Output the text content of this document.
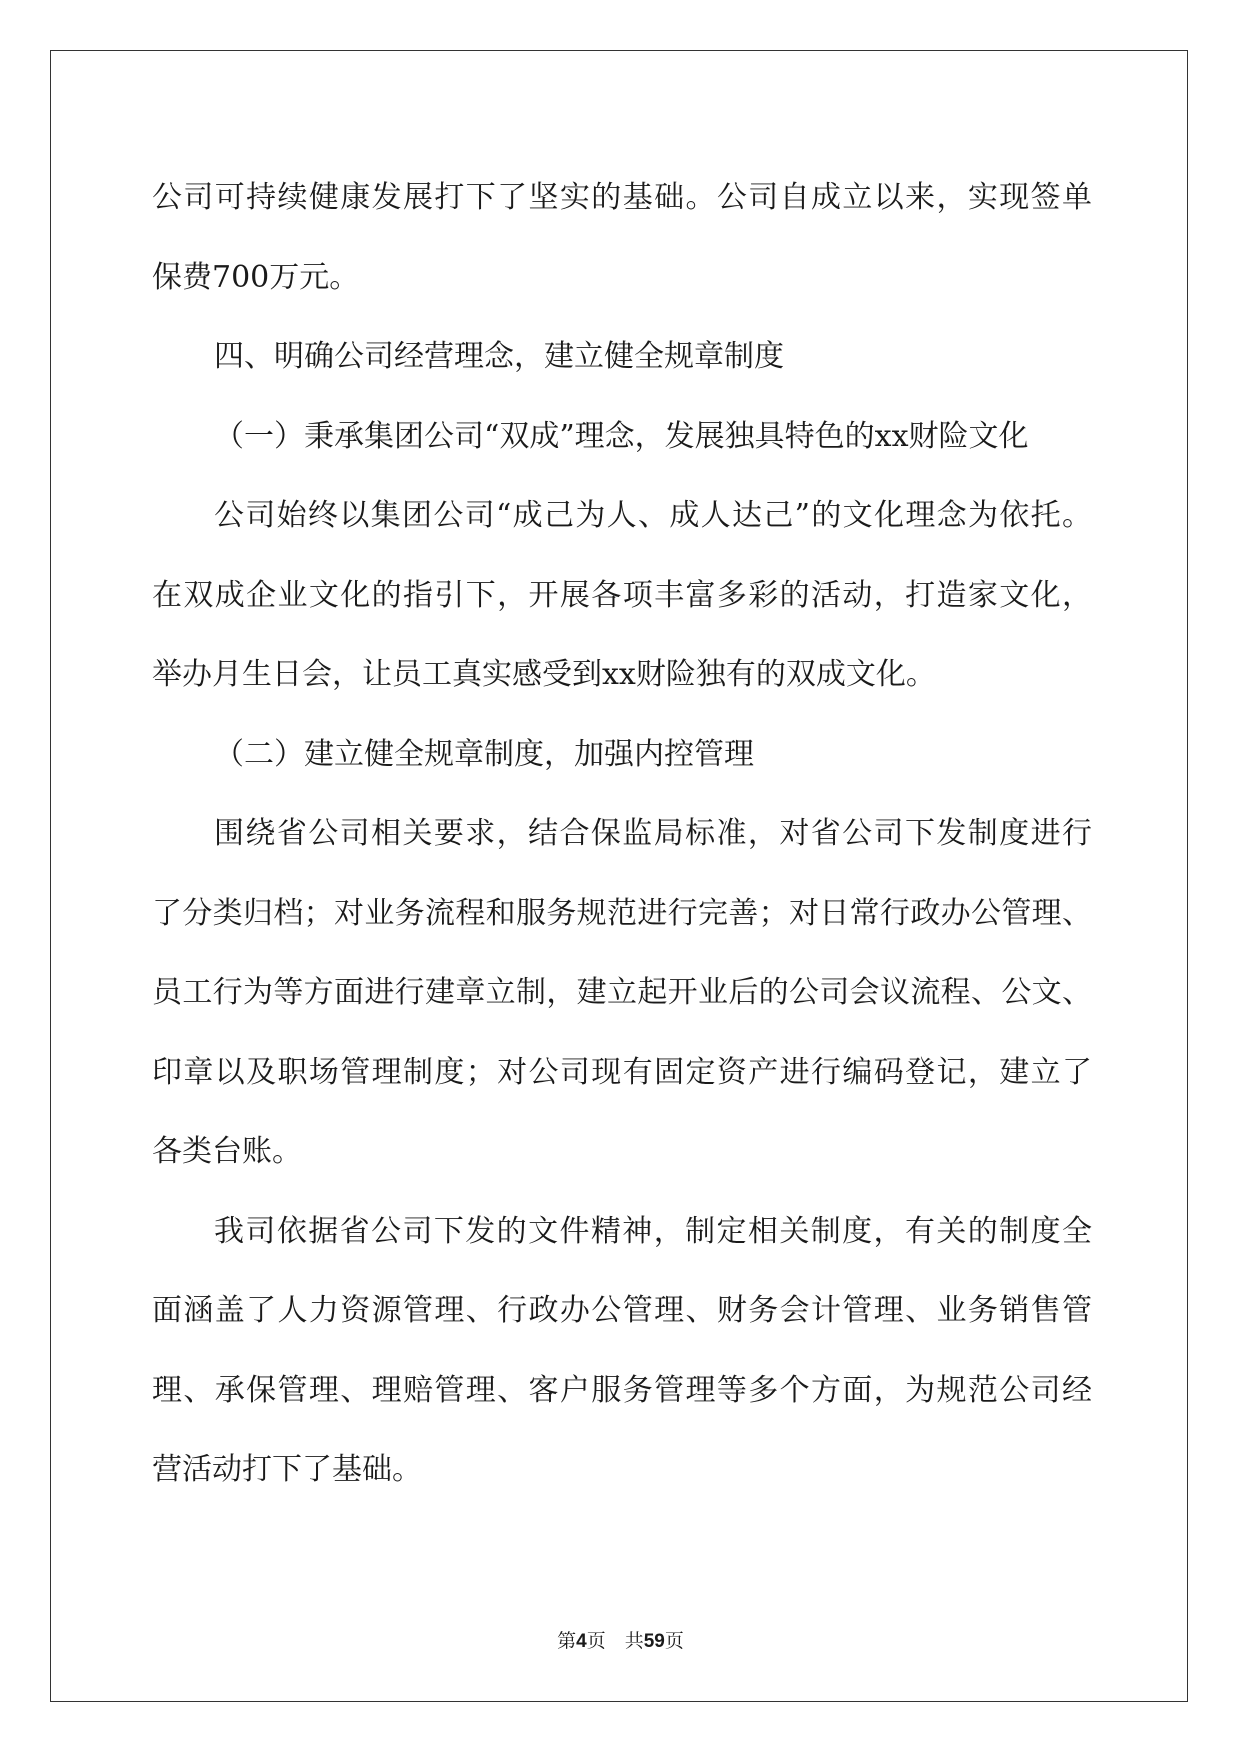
公司可持续健康发展打下了坚实的基础。公司自成立以来，实现签单
保费700万元。
四、明确公司经营理念，建立健全规章制度
（一）秉承集团公司“双成”理念，发展独具特色的xx财险文化
公司始终以集团公司“成己为人、成人达己”的文化理念为依托。
在双成企业文化的指引下，开展各项丰富多彩的活动，打造家文化，
举办月生日会，让员工真实感受到xx财险独有的双成文化。
（二）建立健全规章制度，加强内控管理
围绕省公司相关要求，结合保监局标准，对省公司下发制度进行
了分类归档；对业务流程和服务规范进行完善；对日常行政办公管理、
员工行为等方面进行建章立制，建立起开业后的公司会议流程、公文、
印章以及职场管理制度；对公司现有固定资产进行编码登记，建立了
各类台账。
我司依据省公司下发的文件精神，制定相关制度，有关的制度全
面涵盖了人力资源管理、行政办公管理、财务会计管理、业务销售管
理、承保管理、理赔管理、客户服务管理等多个方面，为规范公司经
营活动打下了基础。
第4页　共59页
